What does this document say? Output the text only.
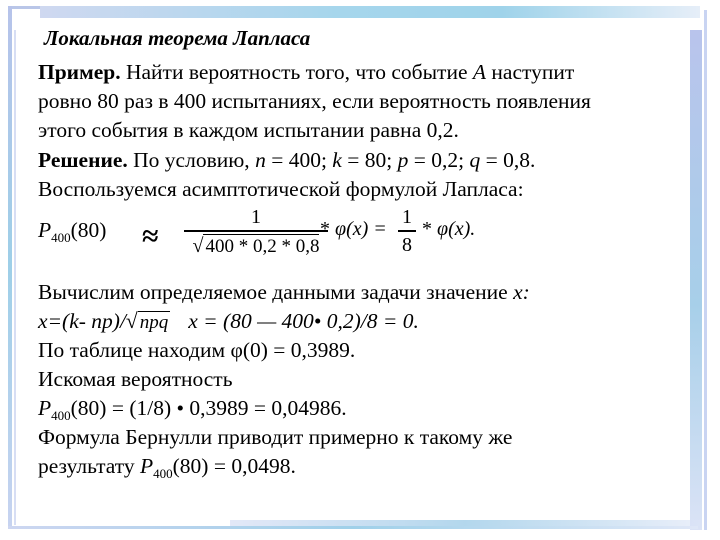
Локальная теорема Лапласа
Пример. Найти вероятность того, что событие A наступит
ровно 80 раз в 400 испытаниях, если вероятность появления
этого события в каждом испытании равна 0,2.
Решение. По условию, n = 400; k = 80; p = 0,2; q = 0,8.
Воспользуемся асимптотической формулой Лапласа:
$P_{400}(80)$ ≈
1
√ 400 * 0,2 * 0,8
* φ(x) =
1
8
* φ(x).
Вычислим определяемое данными задачи значение x:
x=(k- np)/√ npq x = (80 — 400• 0,2)/8 = 0.
По таблице находим φ(0) = 0,3989.
Искомая вероятность
$P_{400}(80) = (1/8)$ • 0,3989 = 0,04986.
Формула Бернулли приводит примерно к такому же
результату $P_{400}(80) = 0,0498$.
